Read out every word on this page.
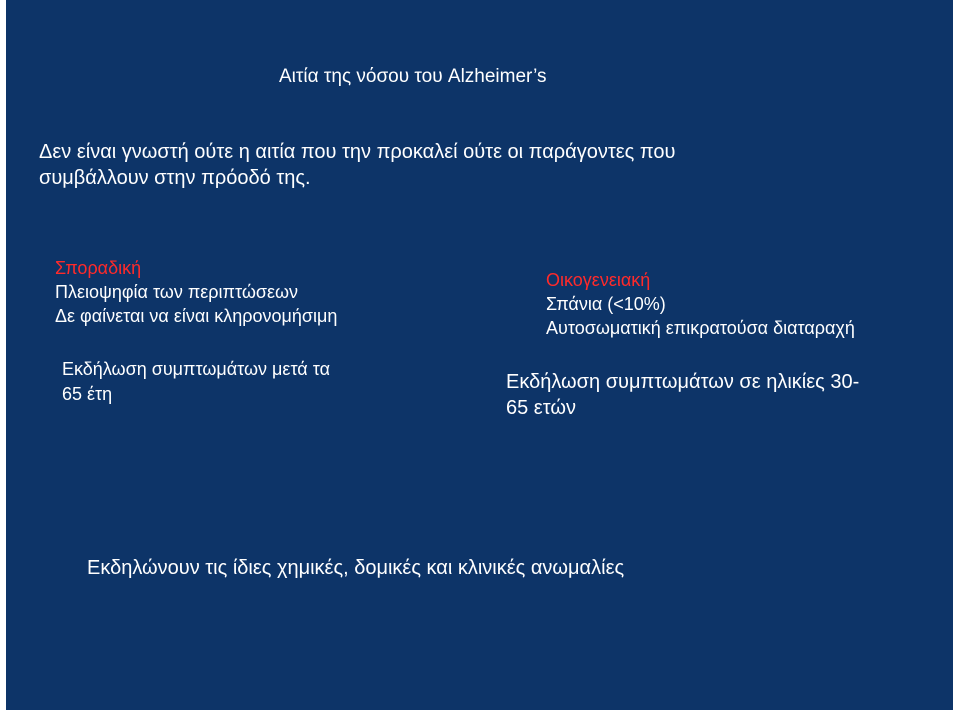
Αιτία της νόσου του Alzheimer’s
Δεν είναι γνωστή ούτε η αιτία που την προκαλεί ούτε οι παράγοντες που
συμβάλλουν στην πρόοδό της.
Σποραδική
Πλειοψηφία των περιπτώσεων
Δε φαίνεται να είναι κληρονομήσιμη
Εκδήλωση συμπτωμάτων μετά τα
65 έτη
Οικογενειακή
Σπάνια (<10%)
Αυτοσωματική επικρατούσα διαταραχή
Εκδήλωση συμπτωμάτων σε ηλικίες 30-
65 ετών
Εκδηλώνουν τις ίδιες χημικές, δομικές και κλινικές ανωμαλίες
